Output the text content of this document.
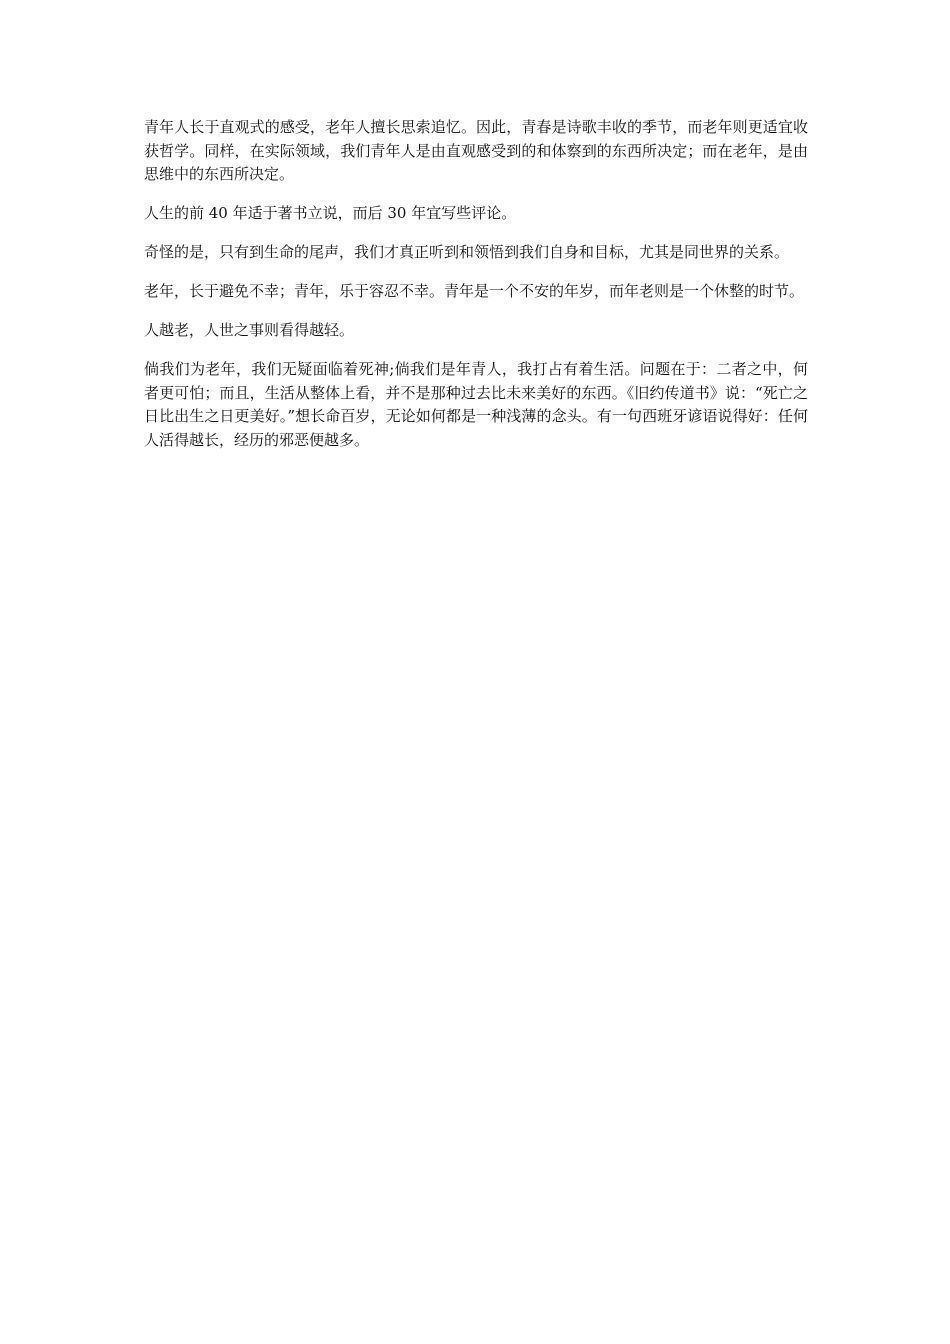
青年人长于直观式的感受，老年人擅长思索追忆。因此，青春是诗歌丰收的季节，而老年则更适宜收获哲学。同样，在实际领域，我们青年人是由直观感受到的和体察到的东西所决定；而在老年，是由思维中的东西所决定。

人生的前 40 年适于著书立说，而后 30 年宜写些评论。

奇怪的是，只有到生命的尾声，我们才真正听到和领悟到我们自身和目标，尤其是同世界的关系。

老年，长于避免不幸；青年，乐于容忍不幸。青年是一个不安的年岁，而年老则是一个休整的时节。

人越老，人世之事则看得越轻。

倘我们为老年，我们无疑面临着死神;倘我们是年青人，我打占有着生活。问题在于：二者之中，何者更可怕；而且，生活从整体上看，并不是那种过去比未来美好的东西。《旧约传道书》说：“死亡之日比出生之日更美好。”想长命百岁，无论如何都是一种浅薄的念头。有一句西班牙谚语说得好：任何人活得越长，经历的邪恶便越多。
